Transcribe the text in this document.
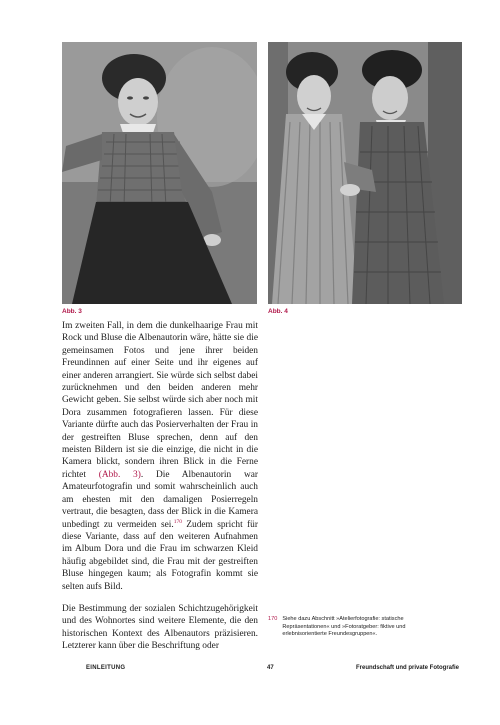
Abb. 3	Abb. 4

Im zweiten Fall, in dem die dunkelhaarige Frau mit Rock und Bluse die Albenautorin wäre, hätte sie die gemeinsamen Fotos und jene ihrer beiden Freundinnen auf einer Seite und ihr eigenes auf einer anderen arrangiert. Sie würde sich selbst dabei zurücknehmen und den beiden anderen mehr Gewicht geben. Sie selbst würde sich aber noch mit Dora zusammen fotografieren lassen. Für diese Variante dürfte auch das Posierverhalten der Frau in der gestreiften Bluse sprechen, denn auf den meisten Bildern ist sie die einzige, die nicht in die Kamera blickt, sondern ihren Blick in die Ferne richtet (Abb. 3). Die Albenautorin war Amateurfotografin und somit wahrscheinlich auch am ehesten mit den damaligen Posierregeln vertraut, die besagten, dass der Blick in die Kamera unbedingt zu vermeiden sei.$^{170}$ Zudem spricht für diese Variante, dass auf den weiteren Aufnahmen im Album Dora und die Frau im schwarzen Kleid häufig abgebildet sind, die Frau mit der gestreiften Bluse hingegen kaum; als Fotografin kommt sie selten aufs Bild.

Die Bestimmung der sozialen Schichtzugehörigkeit und des Wohnortes sind weitere Elemente, die den historischen Kontext des Albenautors präzisieren. Letzterer kann über die Beschriftung oder

170 Siehe dazu Abschnitt »Atelierfotografie: statische Repräsentationen« und »Fotoratgeber: fiktive und erlebnisorientierte Freundesgruppen«.
EINLEITUNG	47	Freundschaft und private Fotografie
